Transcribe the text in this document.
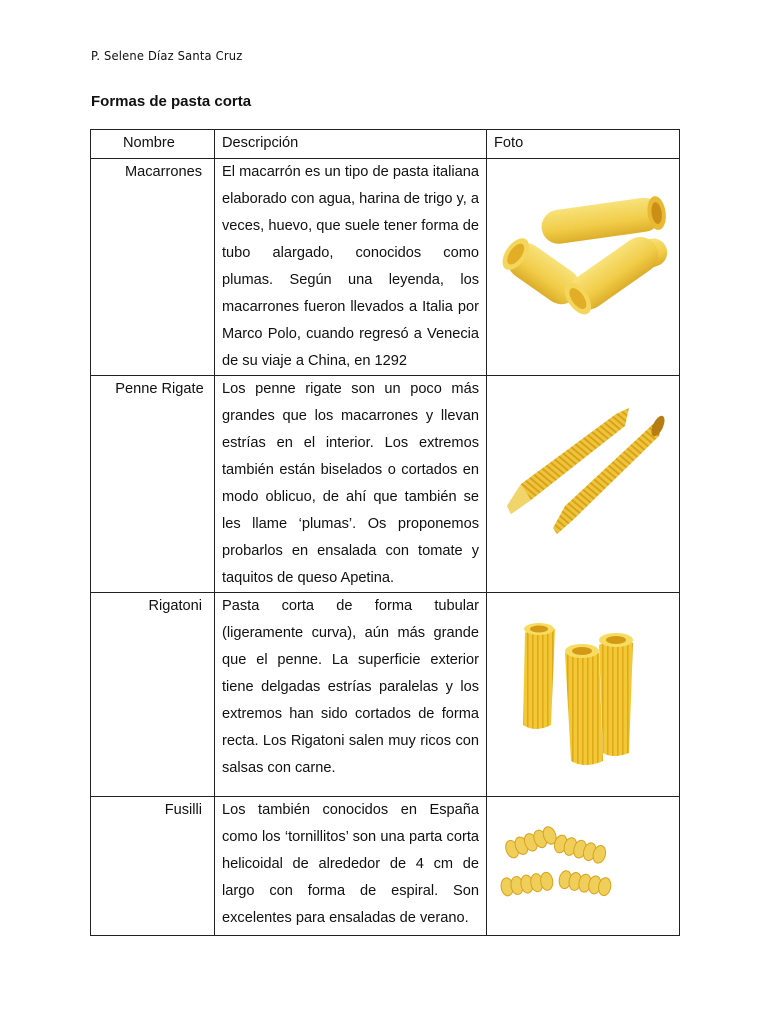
P. Selene Díaz Santa Cruz
Formas de pasta corta
Nombre	Descripción	Foto
Macarrones	El macarrón es un tipo de pasta italiana elaborado con agua, harina de trigo y, a veces, huevo, que suele tener forma de tubo alargado, conocidos como plumas. Según una leyenda, los macarrones fueron llevados a Italia por Marco Polo, cuando regresó a Venecia de su viaje a China, en 1292	

Penne Rigate	Los penne rigate son un poco más grandes que los macarrones y llevan estrías en el interior. Los extremos también están biselados o cortados en modo oblicuo, de ahí que también se les llame ‘plumas’. Os proponemos probarlos en ensalada con tomate y taquitos de queso Apetina.	

Rigatoni	Pasta corta de forma tubular (ligeramente curva), aún más grande que el penne. La superficie exterior tiene delgadas estrías paralelas y los extremos han sido cortados de forma recta. Los Rigatoni salen muy ricos con salsas con carne.	

Fusilli	Los también conocidos en España como los ‘tornillitos’ son una parta corta helicoidal de alrededor de 4 cm de largo con forma de espiral. Son excelentes para ensaladas de verano.	
